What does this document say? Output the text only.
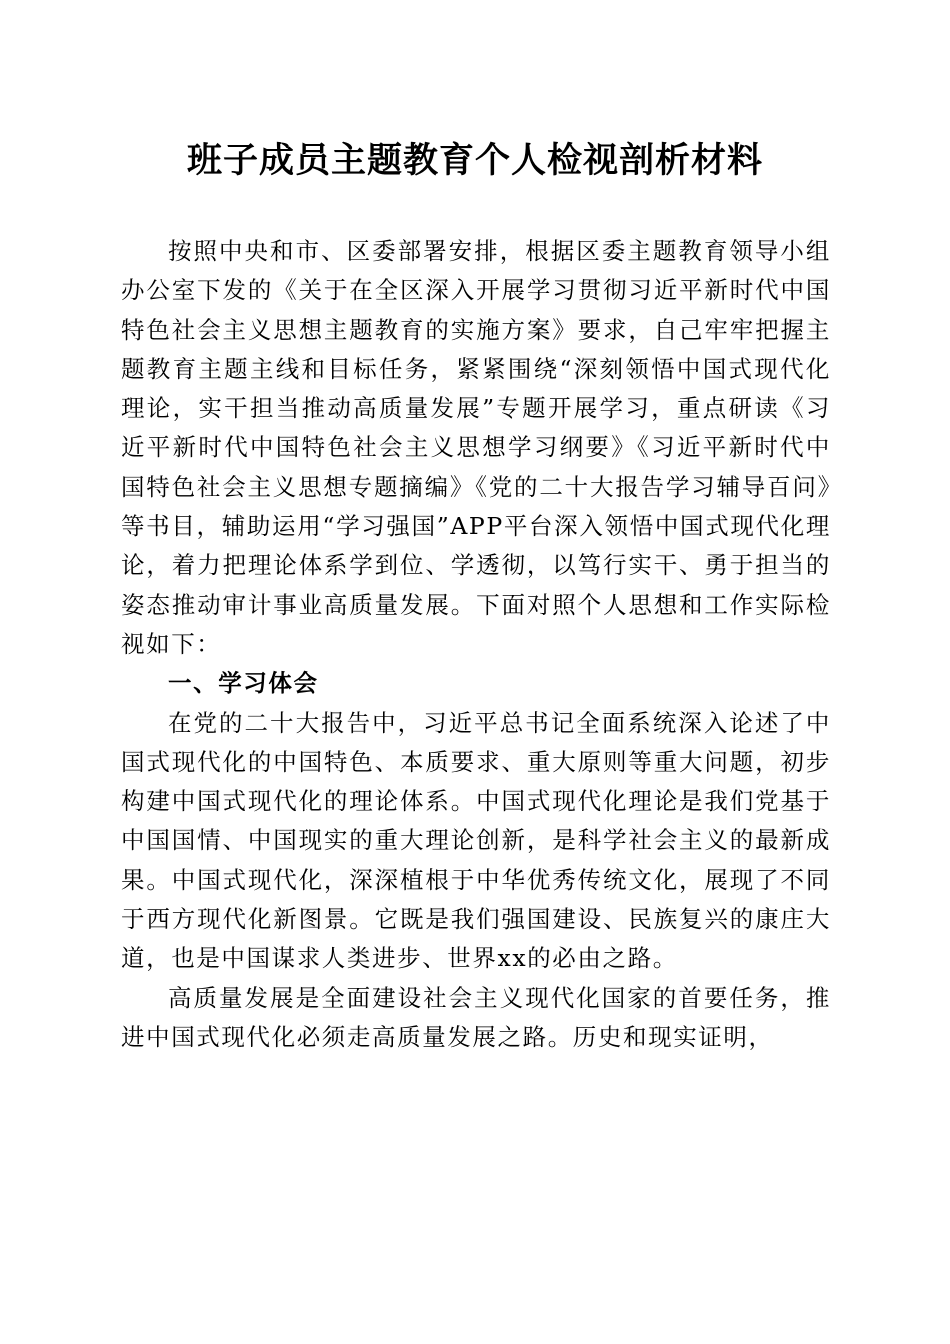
班子成员主题教育个人检视剖析材料

按照中央和市、区委部署安排，根据区委主题教育领导小组办公室下发的《关于在全区深入开展学习贯彻习近平新时代中国特色社会主义思想主题教育的实施方案》要求，自己牢牢把握主题教育主题主线和目标任务，紧紧围绕“深刻领悟中国式现代化理论，实干担当推动高质量发展”专题开展学习，重点研读《习近平新时代中国特色社会主义思想学习纲要》《习近平新时代中国特色社会主义思想专题摘编》《党的二十大报告学习辅导百问》等书目，辅助运用“学习强国”APP平台深入领悟中国式现代化理论，着力把理论体系学到位、学透彻，以笃行实干、勇于担当的姿态推动审计事业高质量发展。下面对照个人思想和工作实际检视如下：

一、学习体会

在党的二十大报告中，习近平总书记全面系统深入论述了中国式现代化的中国特色、本质要求、重大原则等重大问题，初步构建中国式现代化的理论体系。中国式现代化理论是我们党基于中国国情、中国现实的重大理论创新，是科学社会主义的最新成果。中国式现代化，深深植根于中华优秀传统文化，展现了不同于西方现代化新图景。它既是我们强国建设、民族复兴的康庄大道，也是中国谋求人类进步、世界xx的必由之路。

高质量发展是全面建设社会主义现代化国家的首要任务，推进中国式现代化必须走高质量发展之路。历史和现实证明，
